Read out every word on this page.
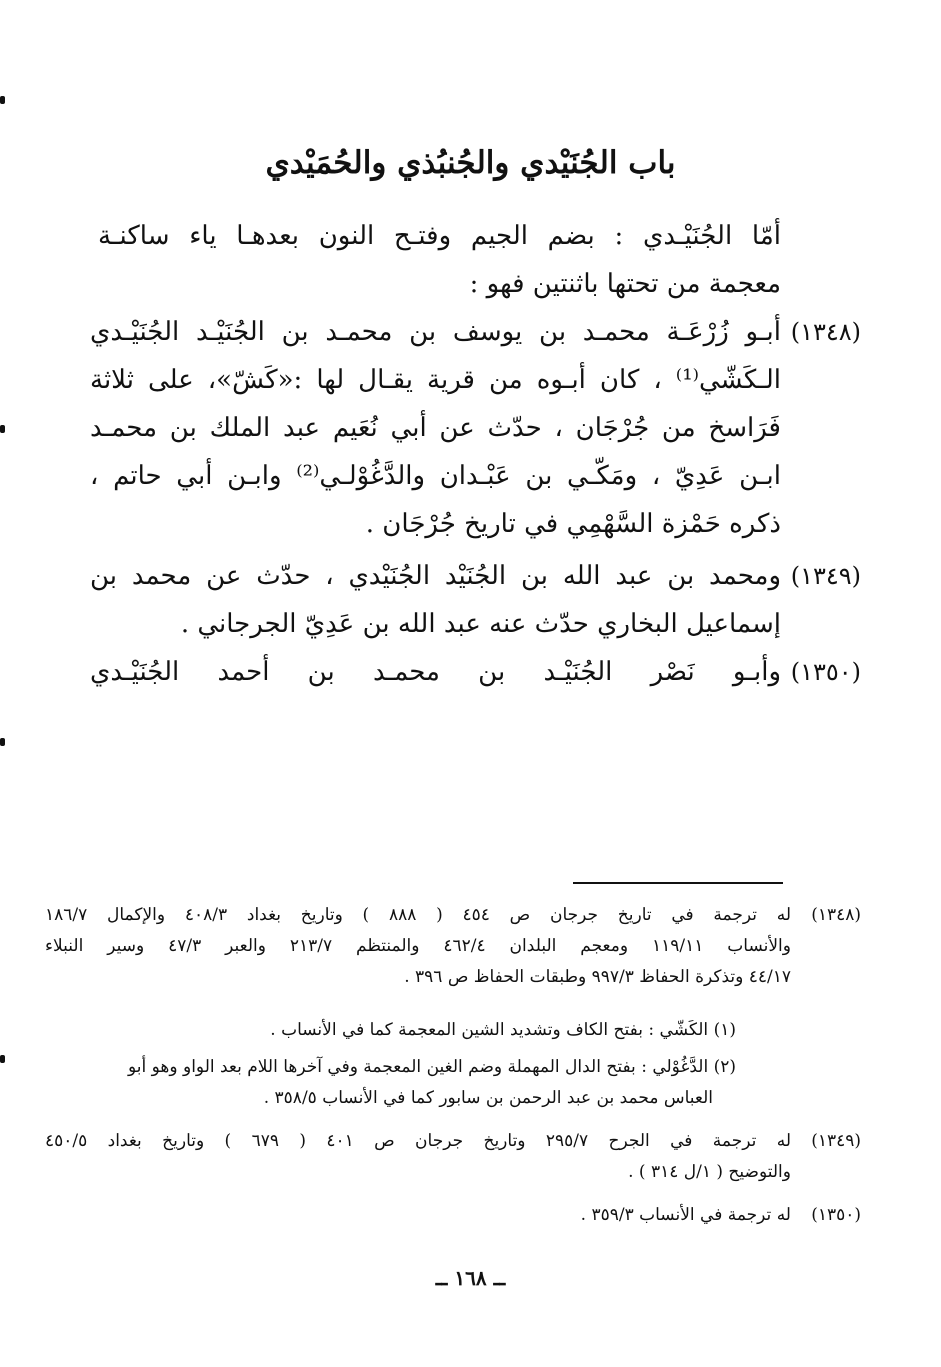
باب الجُنَيْدي والجُنبُذي والحُمَيْدي
أمّا الجُنَيْـدي : بضم الجيم وفتـح النون بعدهـا ياء ساكنـة
معجمة من تحتها باثنتين فهو :
(١٣٤٨)
أبـو زُرْعَـة محمـد بن يوسف بن محمـد بن الجُنَيْـد الجُنَيْـدي
الـكَشّي⁽¹⁾ ، كان أبـوه من قرية يقـال لها :«كَشّ»، على ثلاثة
فَرَاسخ من جُرْجَان ، حدّث عن أبي نُعَيم عبد الملك بن محمـد
ابـن عَدِيّ ، ومَكّـي بن عَبْـدان والدَّغُوْلـي⁽²⁾ وابـن أبي حاتم ،
ذكره حَمْزة السَّهْمِي في تاريخ جُرْجَان .
(١٣٤٩)
ومحمد بن عبد الله بن الجُنَيْد الجُنَيْدي ، حدّث عن محمد بن
إسماعيل البخاري حدّث عنه عبد الله بن عَدِيّ الجرجاني .
(١٣٥٠)
وأبـو نَصْر الجُنَيْـد بن محمـد بن أحمد الجُنَيْـدي
(١٣٤٨)
له ترجمة في تاريخ جرجان ص ٤٥٤ ( ٨٨٨ ) وتاريخ بغداد ٤٠٨/٣ والإكمال ١٨٦/٧
والأنساب ١١٩/١١ ومعجم البلدان ٤٦٢/٤ والمنتظم ٢١٣/٧ والعبر ٤٧/٣ وسير النبلاء
٤٤/١٧ وتذكرة الحفاظ ٩٩٧/٣ وطبقات الحفاظ ص ٣٩٦ .
(١) الكَشّي : بفتح الكاف وتشديد الشين المعجمة كما في الأنساب .
(٢) الدَّغُوْلي : بفتح الدال المهملة وضم الغين المعجمة وفي آخرها اللام بعد الواو وهو أبو
العباس محمد بن عبد الرحمن بن سابور كما في الأنساب ٣٥٨/٥ .
(١٣٤٩)
له ترجمة في الجرح ٢٩٥/٧ وتاريخ جرجان ص ٤٠١ ( ٦٧٩ ) وتاريخ بغداد ٤٥٠/٥
والتوضيح ( ١/ل ٣١٤ ) .
(١٣٥٠)
له ترجمة في الأنساب ٣٥٩/٣ .
ــ ١٦٨ ــ
